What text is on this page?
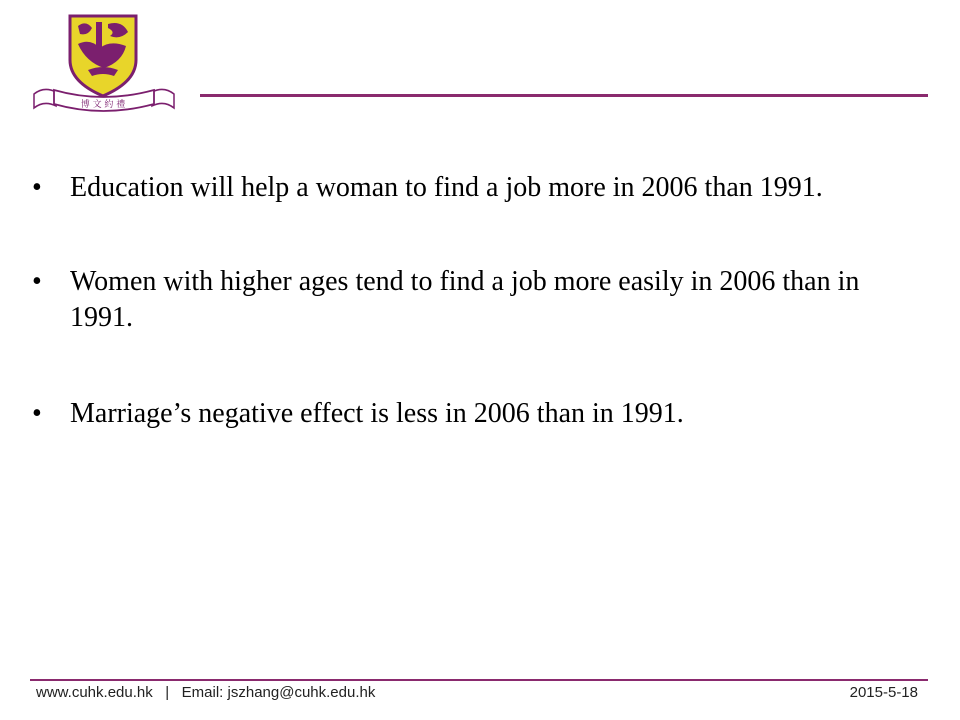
博 文 約 禮
• Education will help a woman to find a job more in 2006 than 1991.
• Women with higher ages tend to find a job more easily in 2006 than in 1991.
• Marriage’s negative effect is less in 2006 than in 1991.
www.cuhk.edu.hk | Email: jszhang@cuhk.edu.hk	2015-5-18
